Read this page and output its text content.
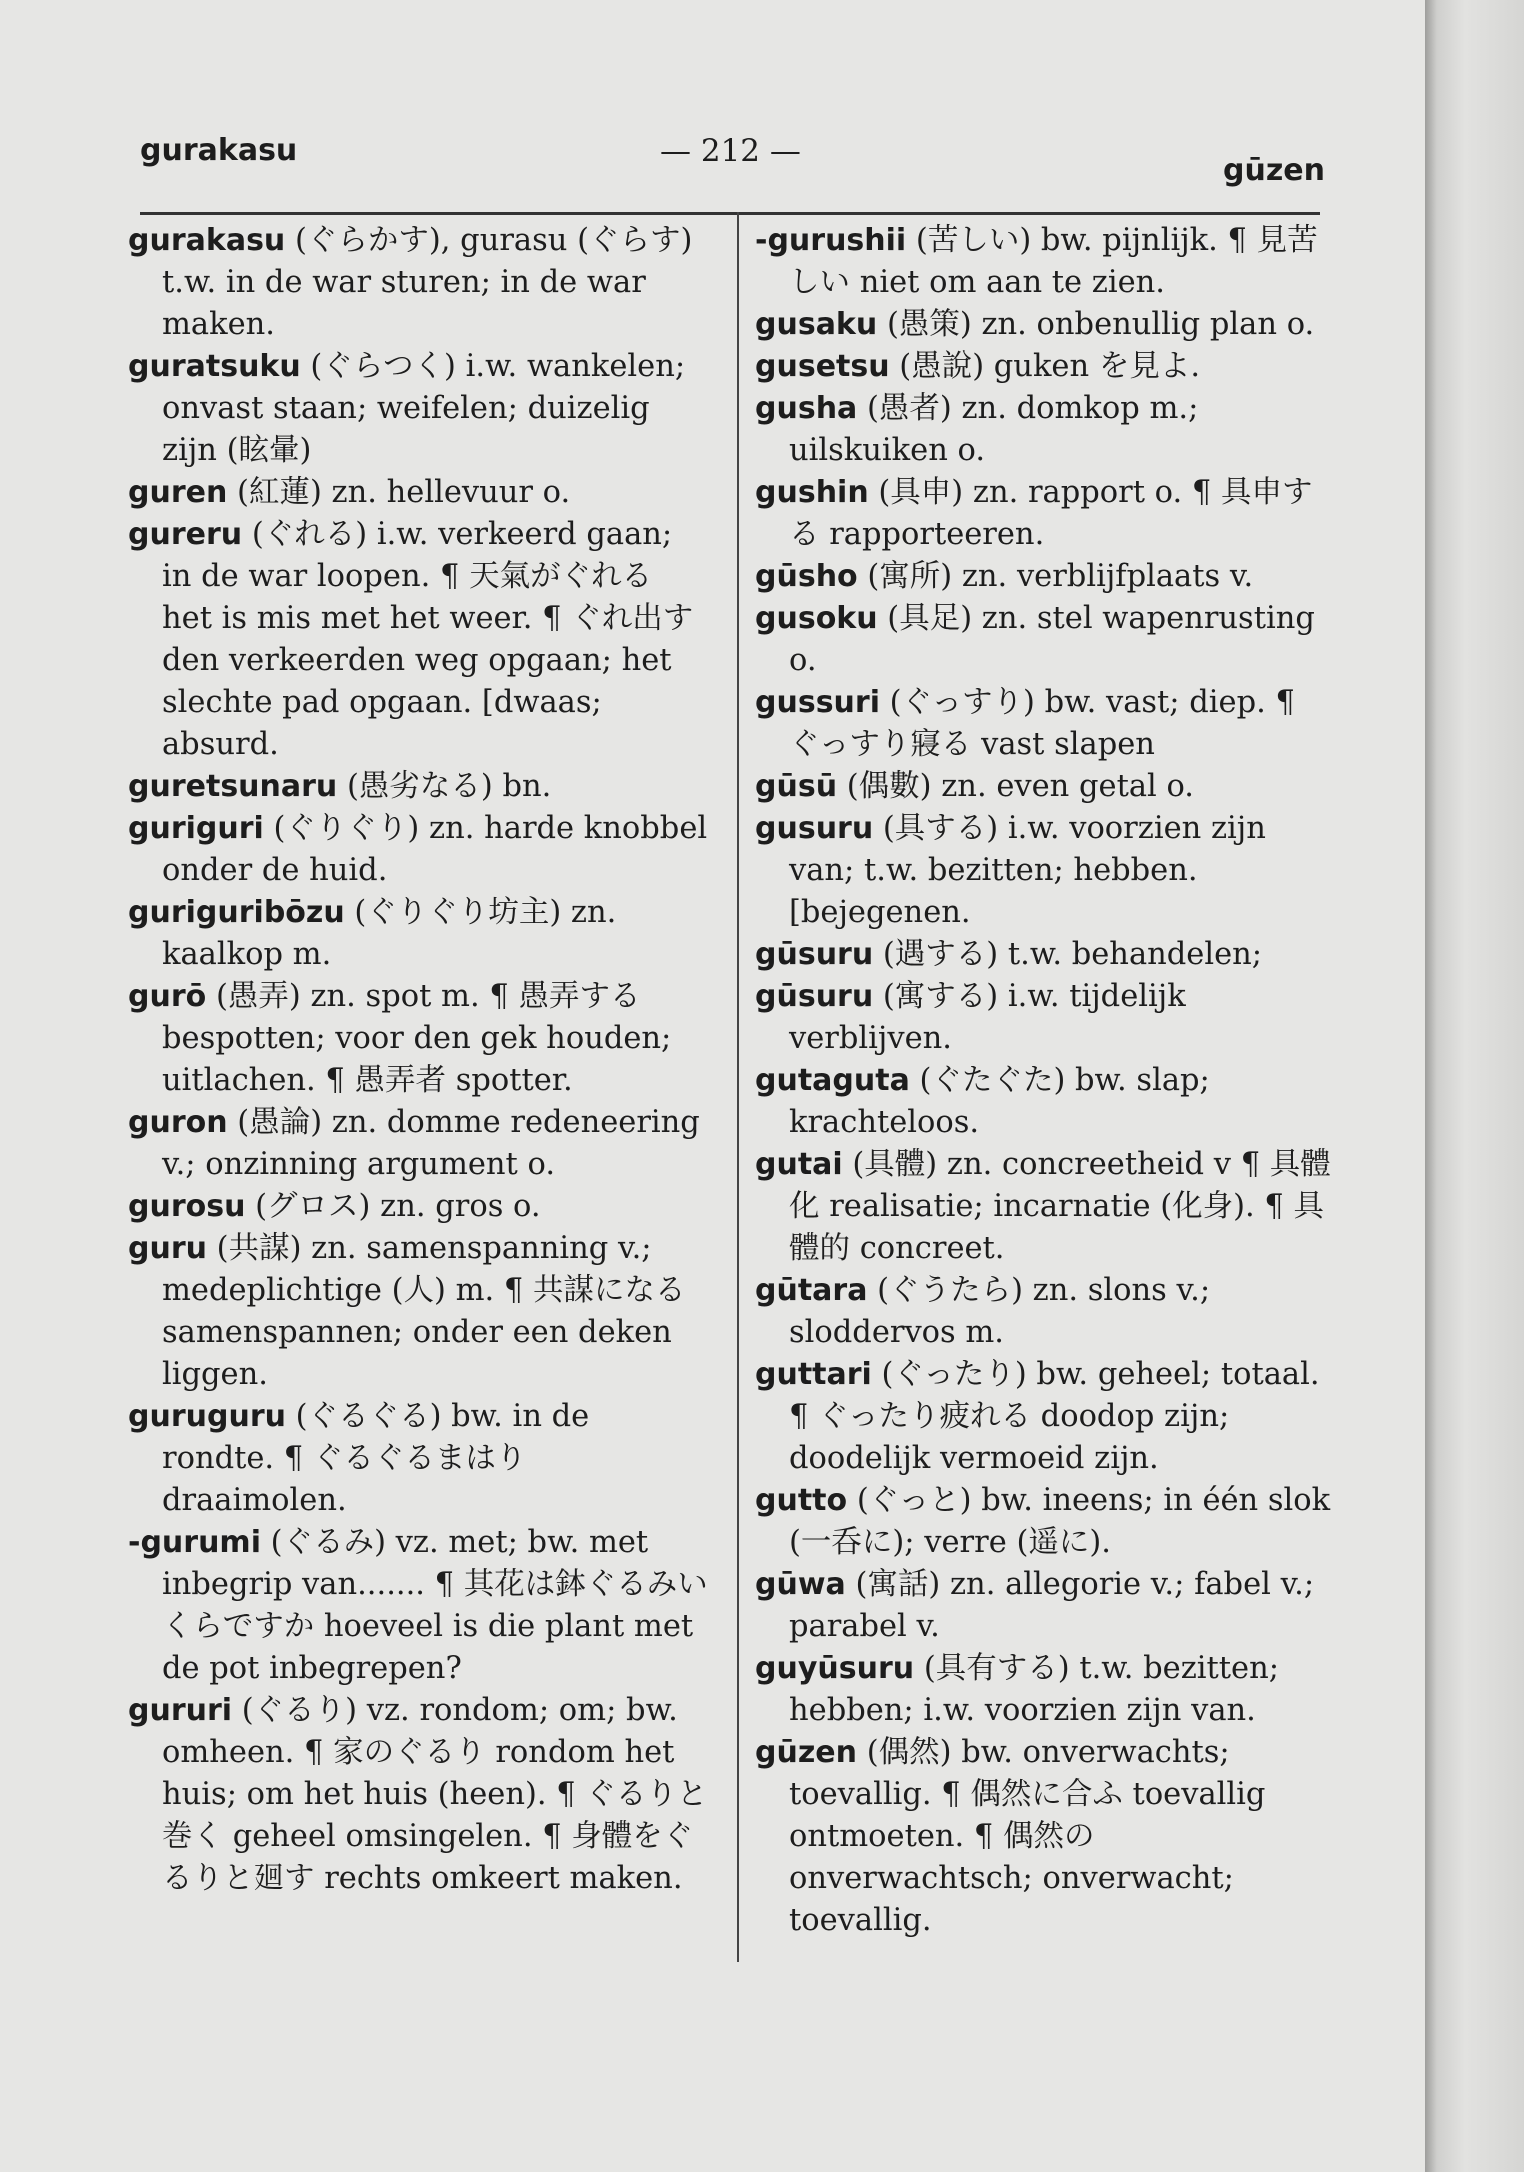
gurakasu	— 212 —
gūzen
gurakasu (ぐらかす), gurasu (ぐらす) t.w. in de war sturen; in de war maken.
guratsuku (ぐらつく) i.w. wankelen; onvast staan; weifelen; duizelig zijn (眩暈)
guren (紅蓮) zn. hellevuur o.
gureru (ぐれる) i.w. verkeerd gaan; in de war loopen. ¶ 天氣がぐれる het is mis met het weer. ¶ ぐれ出す den verkeerden weg opgaan; het slechte pad opgaan. [dwaas; absurd.
guretsunaru (愚劣なる) bn.
guriguri (ぐりぐり) zn. harde knobbel onder de huid.
guriguribōzu (ぐりぐり坊主) zn. kaalkop m.
gurō (愚弄) zn. spot m. ¶ 愚弄する bespotten; voor den gek houden; uitlachen. ¶ 愚弄者 spotter.
guron (愚論) zn. domme redeneering v.; onzinning argument o.
gurosu (グロス) zn. gros o.
guru (共謀) zn. samenspanning v.; medeplichtige (人) m. ¶ 共謀になる samenspannen; onder een deken liggen.
guruguru (ぐるぐる) bw. in de rondte. ¶ ぐるぐるまはり draaimolen.
-gurumi (ぐるみ) vz. met; bw. met inbegrip van....... ¶ 其花は鉢ぐるみいくらですか hoeveel is die plant met de pot inbegrepen?
gururi (ぐるり) vz. rondom; om; bw. omheen. ¶ 家のぐるり rondom het huis; om het huis (heen). ¶ ぐるりと巻く geheel omsingelen. ¶ 身體をぐるりと廻す rechts omkeert maken.
-gurushii (苦しい) bw. pijnlijk. ¶ 見苦しい niet om aan te zien.
gusaku (愚策) zn. onbenullig plan o.
gusetsu (愚說) guken を見よ.
gusha (愚者) zn. domkop m.; uilskuiken o.
gushin (具申) zn. rapport o. ¶ 具申する rapporteeren.
gūsho (寓所) zn. verblijfplaats v.
gusoku (具足) zn. stel wapenrusting o.
gussuri (ぐっすり) bw. vast; diep. ¶ ぐっすり寢る vast slapen
gūsū (偶數) zn. even getal o.
gusuru (具する) i.w. voorzien zijn van; t.w. bezitten; hebben. [bejegenen.
gūsuru (遇する) t.w. behandelen;
gūsuru (寓する) i.w. tijdelijk verblijven.
gutaguta (ぐたぐた) bw. slap; krachteloos.
gutai (具體) zn. concreetheid v ¶ 具體化 realisatie; incarnatie (化身). ¶ 具體的 concreet.
gūtara (ぐうたら) zn. slons v.; sloddervos m.
guttari (ぐったり) bw. geheel; totaal. ¶ ぐったり疲れる doodop zijn; doodelijk vermoeid zijn.
gutto (ぐっと) bw. ineens; in één slok (一呑に); verre (遥に).
gūwa (寓話) zn. allegorie v.; fabel v.; parabel v.
guyūsuru (具有する) t.w. bezitten; hebben; i.w. voorzien zijn van.
gūzen (偶然) bw. onverwachts; toevallig. ¶ 偶然に合ふ toevallig ontmoeten. ¶ 偶然の onverwachtsch; onverwacht; toevallig.
